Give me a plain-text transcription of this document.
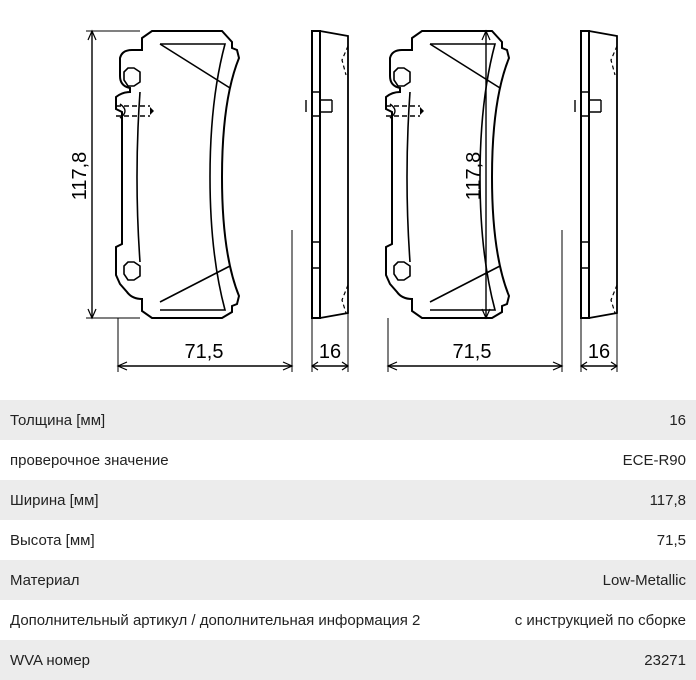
117,8
71,5	16
117,8
71,5	16
Толщина [мм]	16
проверочное значение	ECE-R90
Ширина [мм]	117,8
Высота [мм]	71,5
Материал	Low-Metallic
Дополнительный артикул / дополнительная информация 2	с инструкцией по сборке
WVA номер	23271
